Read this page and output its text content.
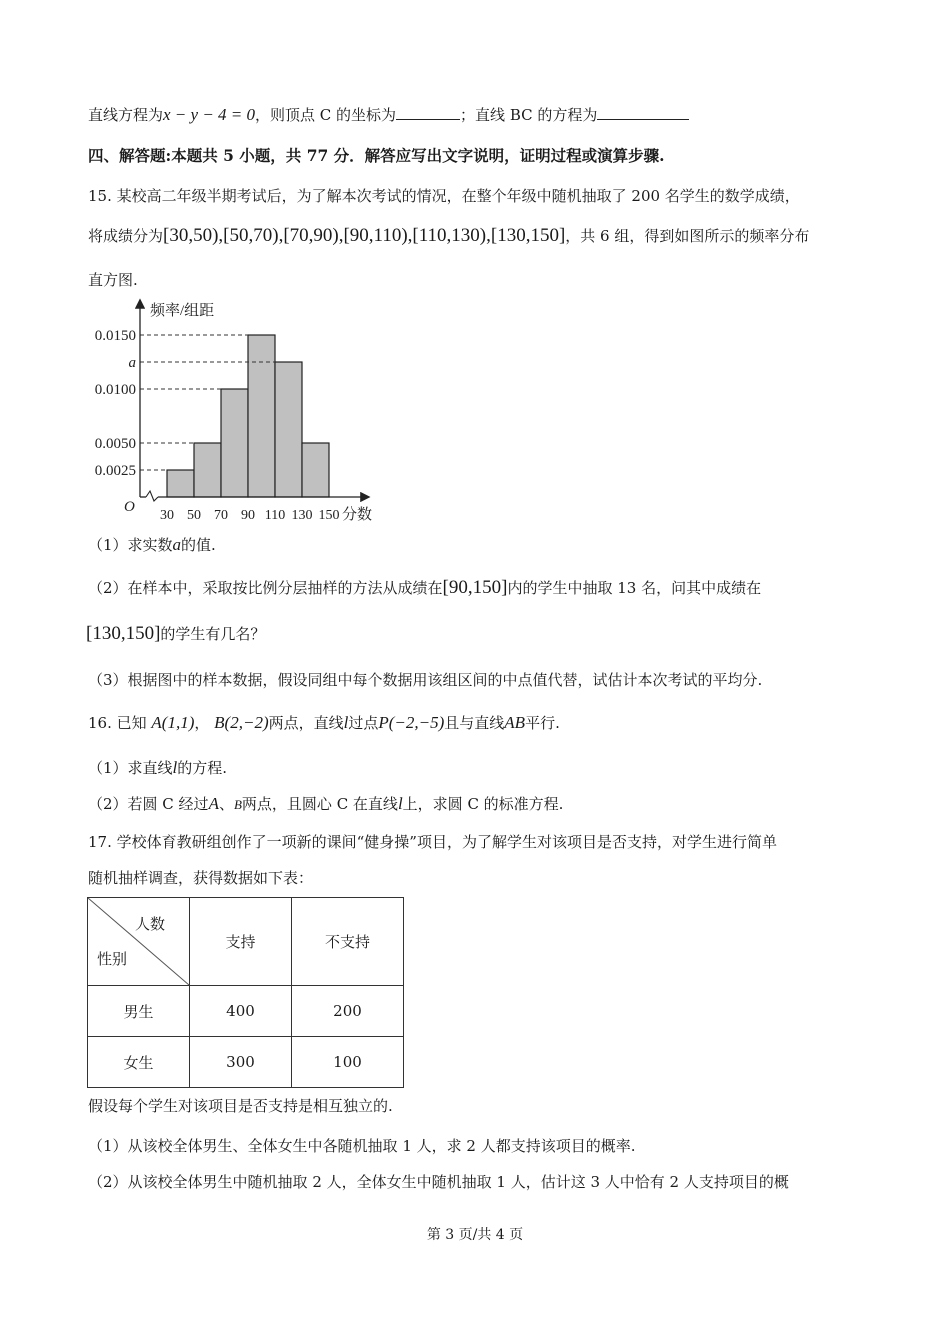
直线方程为x − y − 4 = 0，则顶点 C 的坐标为	；直线 BC 的方程为
四、解答题:本题共 5 小题，共 77 分．解答应写出文字说明，证明过程或演算步骤.
15. 某校高二年级半期考试后，为了解本次考试的情况，在整个年级中随机抽取了 200 名学生的数学成绩，
将成绩分为[30,50),[50,70),[70,90),[90,110),[110,130),[130,150]，共 6 组，得到如图所示的频率分布
直方图.
频率/组距
分数
O
0.0150
a
0.0100
0.0050
0.0025
30 50 70 90 110 130 150
（1）求实数a的值.
（2）在样本中，采取按比例分层抽样的方法从成绩在[90,150]内的学生中抽取 13 名，问其中成绩在
[130,150]的学生有几名？
（3）根据图中的样本数据，假设同组中每个数据用该组区间的中点值代替，试估计本次考试的平均分.
16. 已知 A(1,1)， B(2,−2)两点，直线l过点P(−2,−5)且与直线AB平行.
（1）求直线l的方程.
（2）若圆 C 经过A、B两点，且圆心 C 在直线l上，求圆 C 的标准方程.
17. 学校体育教研组创作了一项新的课间“健身操”项目，为了解学生对该项目是否支持，对学生进行简单
随机抽样调查，获得数据如下表：
人数
性别	支持	不支持
男生	400	200
女生	300	100
假设每个学生对该项目是否支持是相互独立的.
（1）从该校全体男生、全体女生中各随机抽取 1 人，求 2 人都支持该项目的概率.
（2）从该校全体男生中随机抽取 2 人，全体女生中随机抽取 1 人，估计这 3 人中恰有 2 人支持项目的概
第 3 页/共 4 页
